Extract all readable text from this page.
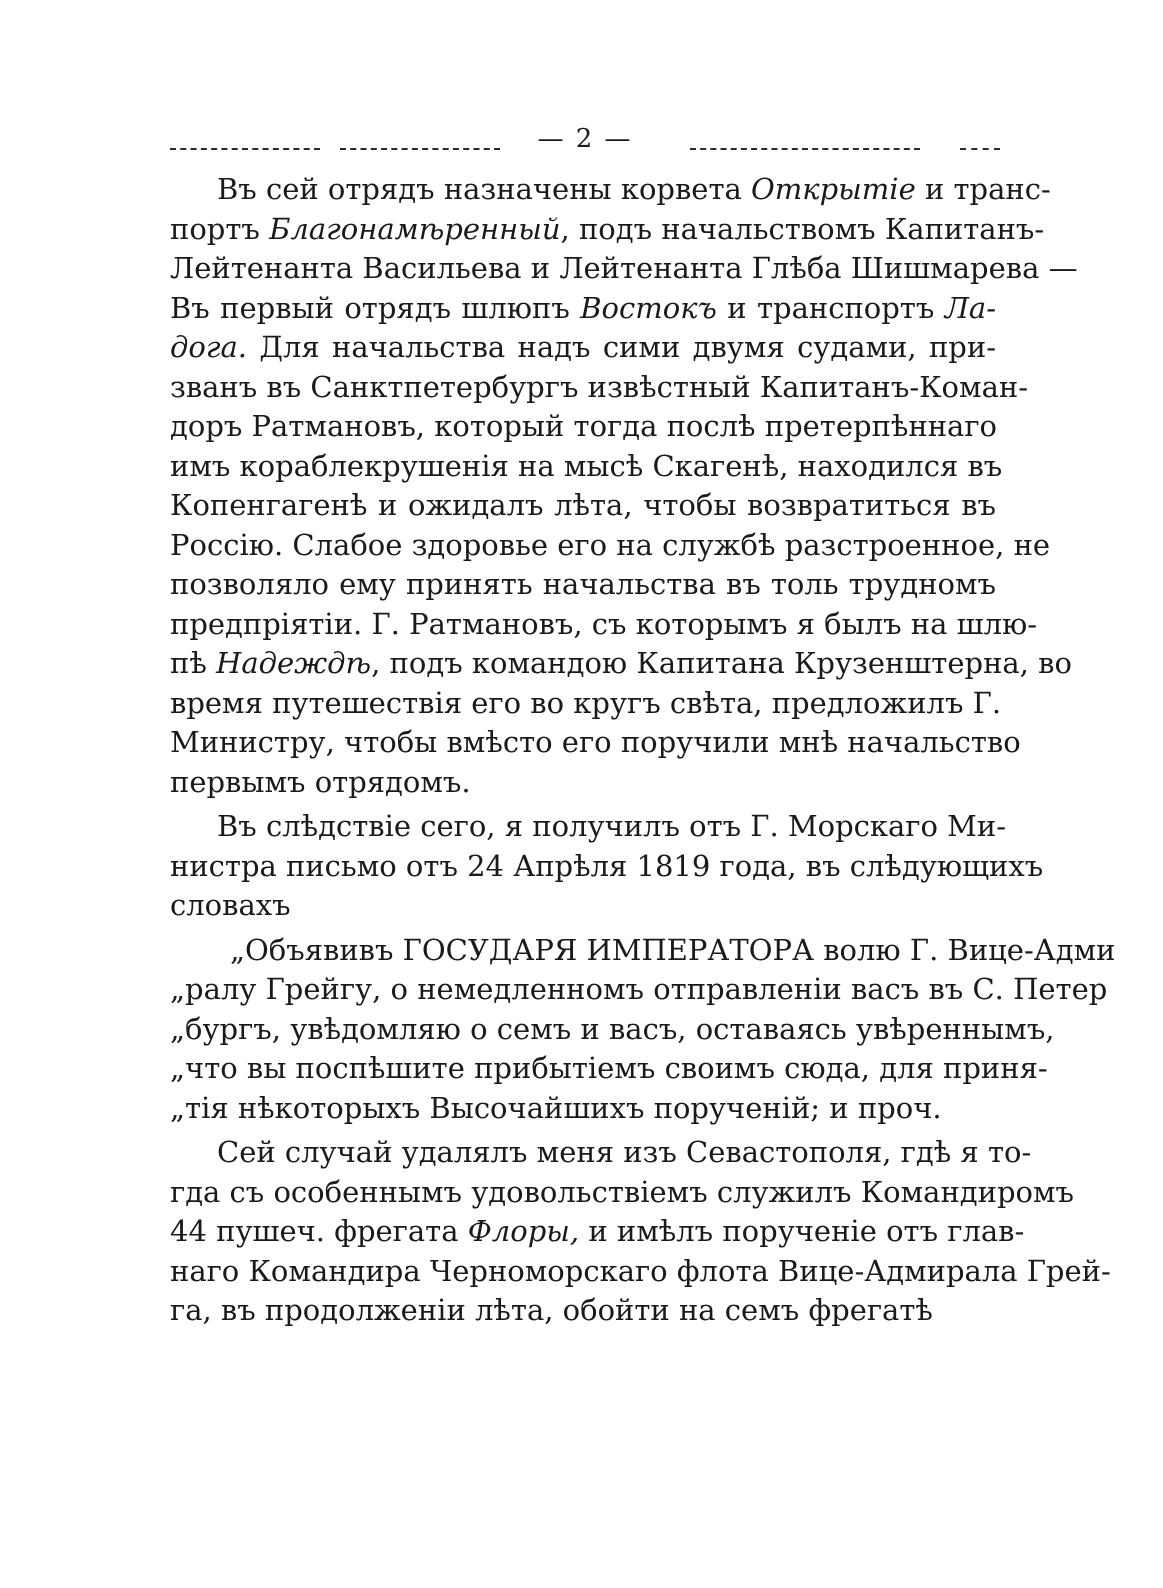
— 2 —
Въ сей отрядъ назначены корвета Открытіе и транс-
портъ Благонамѣренный, подъ начальствомъ Капитанъ-
Лейтенанта Васильева и Лейтенанта Глѣба Шишмарева —
Въ первый отрядъ шлюпъ Востокъ и транспортъ Ла-
дога. Для начальства надъ сими двумя судами, при-
званъ въ Санктпетербургъ извѣстный Капитанъ-Коман-
доръ Ратмановъ, который тогда послѣ претерпѣннаго
имъ кораблекрушенія на мысѣ Скагенѣ, находился въ
Копенгагенѣ и ожидалъ лѣта, чтобы возвратиться въ
Россію. Слабое здоровье его на службѣ разстроенное, не
позволяло ему принять начальства въ толь трудномъ
предпріятіи. Г. Ратмановъ, съ которымъ я былъ на шлю-
пѣ Надеждѣ, подъ командою Капитана Крузенштерна, во
время путешествія его во кругъ свѣта, предложилъ Г.
Министру, чтобы вмѣсто его поручили мнѣ начальство
первымъ отрядомъ.
Въ слѣдствіе сего, я получилъ отъ Г. Морскаго Ми-
нистра письмо отъ 24 Апрѣля 1819 года, въ слѣдующихъ
словахъ
„Объявивъ ГОСУДАРЯ ИМПЕРАТОРА волю Г. Вице-Адми
„ралу Грейгу, о немедленномъ отправленіи васъ въ С. Петер
„бургъ, увѣдомляю о семъ и васъ, оставаясь увѣреннымъ,
„что вы поспѣшите прибытіемъ своимъ сюда, для приня-
„тія нѣкоторыхъ Высочайшихъ порученій; и проч.
Сей случай удалялъ меня изъ Севастополя, гдѣ я то-
гда съ особеннымъ удовольствіемъ служилъ Командиромъ
44 пушеч. фрегата Флоры, и имѣлъ порученіе отъ глав-
наго Командира Черноморскаго флота Вице-Адмирала Грей-
га, въ продолженіи лѣта, обойти на семъ фрегатѣ
